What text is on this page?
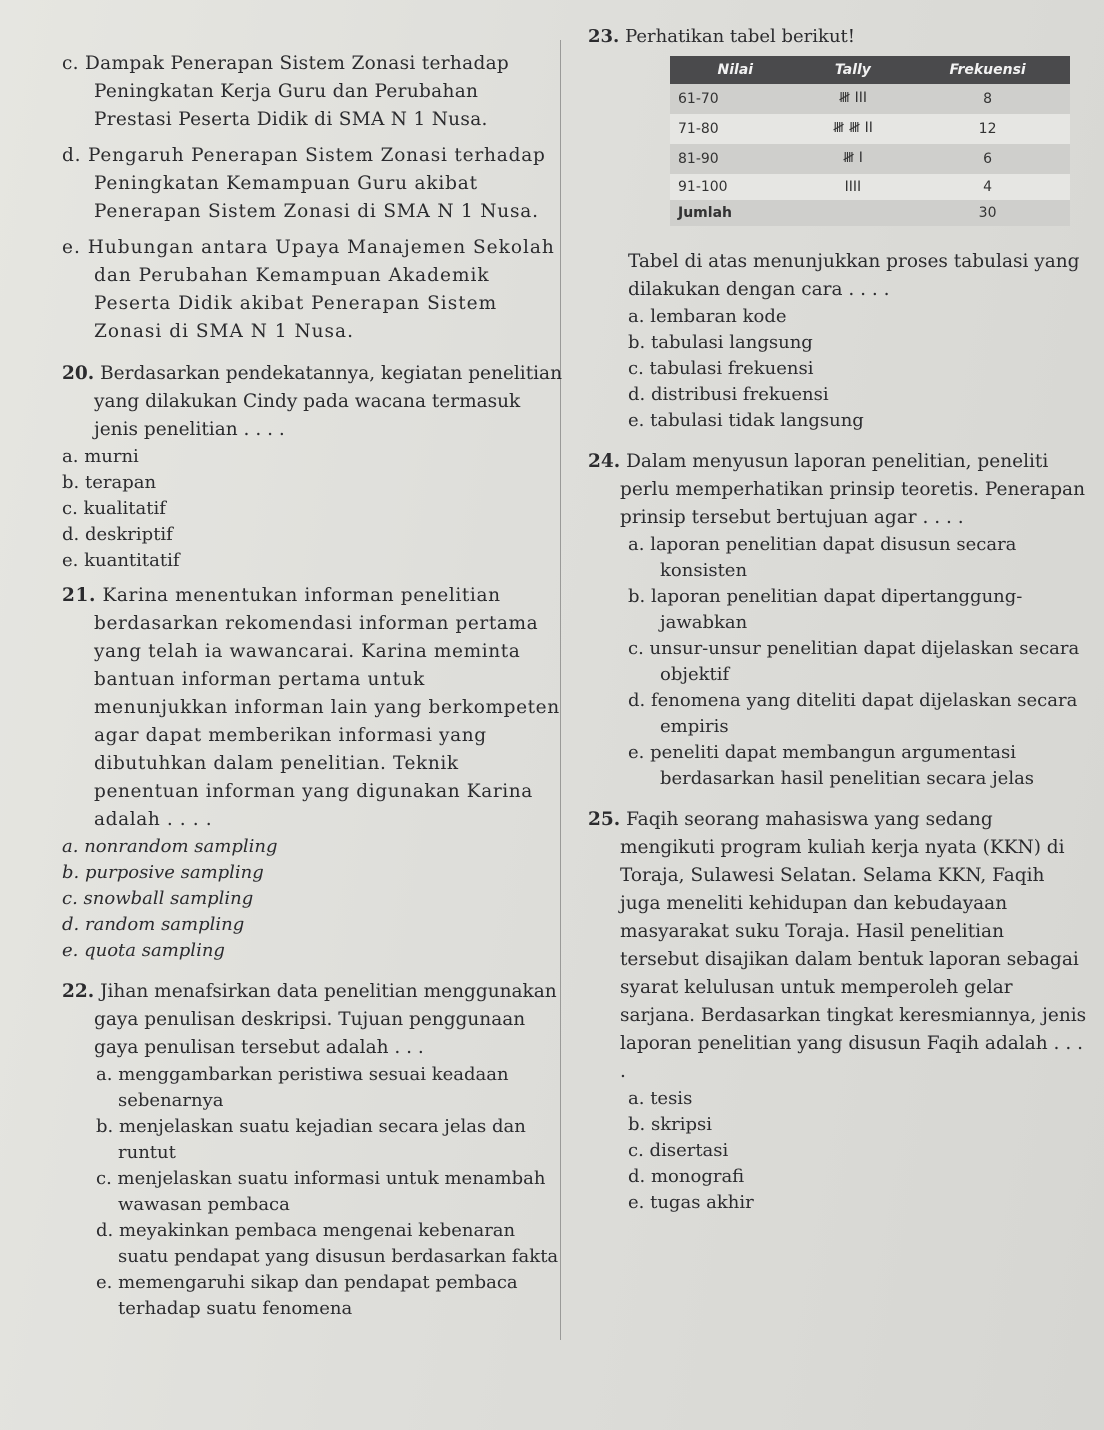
c. Dampak Penerapan Sistem Zonasi terhadap Peningkatan Kerja Guru dan Perubahan Prestasi Peserta Didik di SMA N 1 Nusa.
d. Pengaruh Penerapan Sistem Zonasi terhadap Peningkatan Kemampuan Guru akibat Penerapan Sistem Zonasi di SMA N 1 Nusa.
e. Hubungan antara Upaya Manajemen Sekolah dan Perubahan Kemampuan Akademik Peserta Didik akibat Penerapan Sistem Zonasi di SMA N 1 Nusa.
20. Berdasarkan pendekatannya, kegiatan penelitian yang dilakukan Cindy pada wacana termasuk jenis penelitian . . . .
a. murni
b. terapan
c. kualitatif
d. deskriptif
e. kuantitatif
21. Karina menentukan informan penelitian berdasarkan rekomendasi informan pertama yang telah ia wawancarai. Karina meminta bantuan informan pertama untuk menunjukkan informan lain yang berkompeten agar dapat memberikan informasi yang dibutuhkan dalam penelitian. Teknik penentuan informan yang digunakan Karina adalah . . . .
a. nonrandom sampling
b. purposive sampling
c. snowball sampling
d. random sampling
e. quota sampling
22. Jihan menafsirkan data penelitian menggunakan gaya penulisan deskripsi. Tujuan penggunaan gaya penulisan tersebut adalah . . .
a. menggambarkan peristiwa sesuai keadaan sebenarnya
b. menjelaskan suatu kejadian secara jelas dan runtut
c. menjelaskan suatu informasi untuk menambah wawasan pembaca
d. meyakinkan pembaca mengenai kebenaran suatu pendapat yang disusun berdasarkan fakta
e. memengaruhi sikap dan pendapat pembaca terhadap suatu fenomena
23. Perhatikan tabel berikut!
Nilai	Tally	Frekuensi
61-70	𝍸 III	8
71-80	𝍸 𝍸 II	12
81-90	𝍸 I	6
91-100	IIII	4
Jumlah		30
Tabel di atas menunjukkan proses tabulasi yang dilakukan dengan cara . . . .
a. lembaran kode
b. tabulasi langsung
c. tabulasi frekuensi
d. distribusi frekuensi
e. tabulasi tidak langsung
24. Dalam menyusun laporan penelitian, peneliti perlu memperhatikan prinsip teoretis. Penerapan prinsip tersebut bertujuan agar . . . .
a. laporan penelitian dapat disusun secara konsisten
b. laporan penelitian dapat dipertanggung-jawabkan
c. unsur-unsur penelitian dapat dijelaskan secara objektif
d. fenomena yang diteliti dapat dijelaskan secara empiris
e. peneliti dapat membangun argumentasi berdasarkan hasil penelitian secara jelas
25. Faqih seorang mahasiswa yang sedang mengikuti program kuliah kerja nyata (KKN) di Toraja, Sulawesi Selatan. Selama KKN, Faqih juga meneliti kehidupan dan kebudayaan masyarakat suku Toraja. Hasil penelitian tersebut disajikan dalam bentuk laporan sebagai syarat kelulusan untuk memperoleh gelar sarjana. Berdasarkan tingkat keresmiannya, jenis laporan penelitian yang disusun Faqih adalah . . . .
a. tesis
b. skripsi
c. disertasi
d. monografi
e. tugas akhir
